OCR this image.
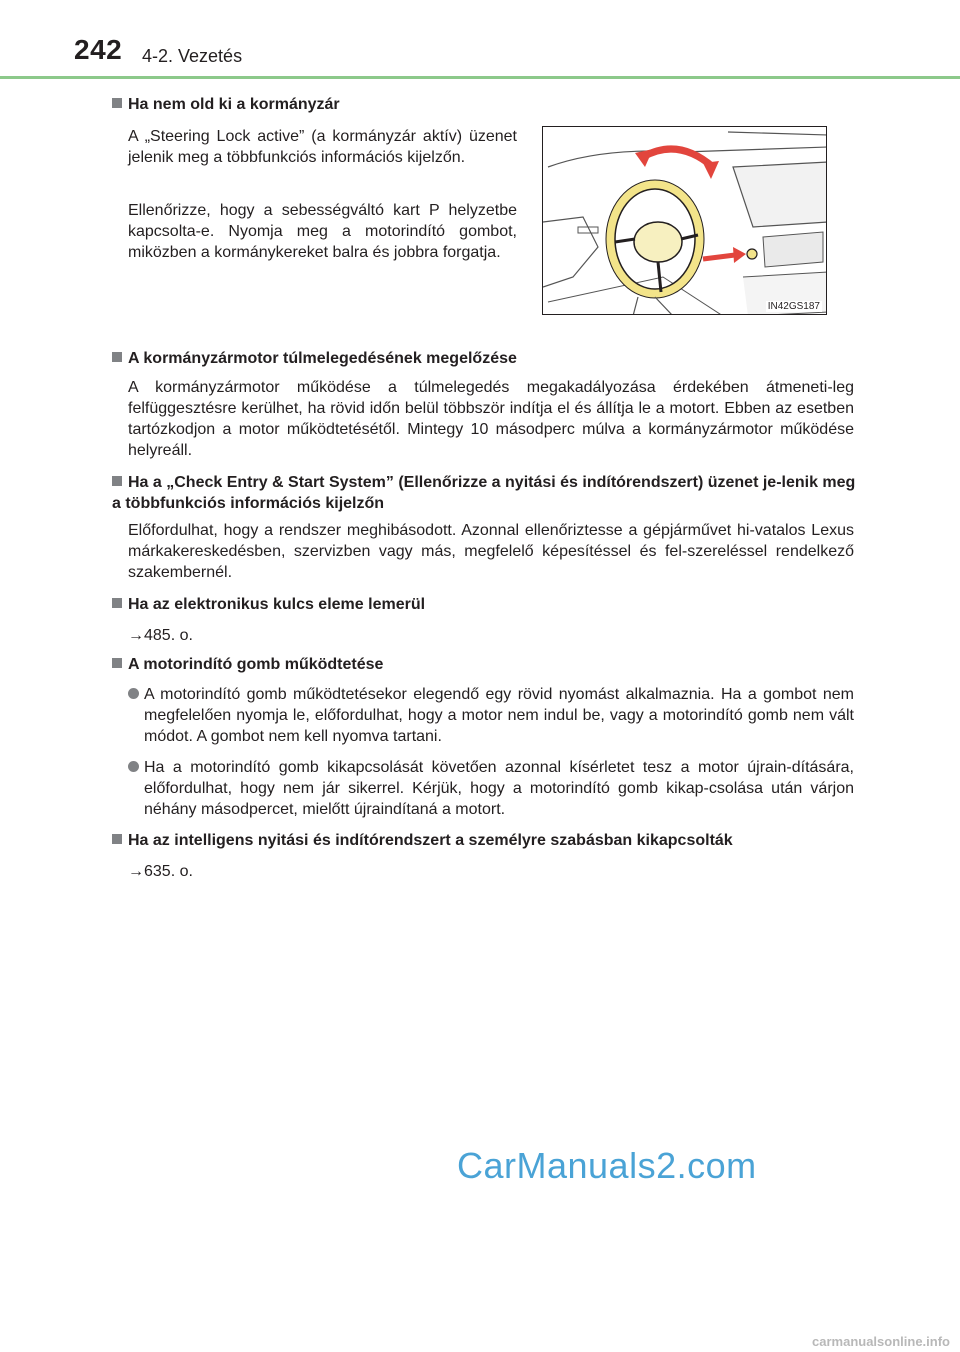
242 4-2. Vezetés
Ha nem old ki a kormányzár
A „Steering Lock active” (a kormányzár aktív) üzenet jelenik meg a többfunkciós információs kijelzőn.
Ellenőrizze, hogy a sebességváltó kart P helyzetbe kapcsolta-e. Nyomja meg a motorindító gombot, miközben a kormánykereket balra és jobbra forgatja.
IN42GS187
A kormányzármotor túlmelegedésének megelőzése
A kormányzármotor működése a túlmelegedés megakadályozása érdekében átmeneti-leg felfüggesztésre kerülhet, ha rövid időn belül többször indítja el és állítja le a motort. Ebben az esetben tartózkodjon a motor működtetésétől. Mintegy 10 másodperc múlva a kormányzármotor működése helyreáll.
Ha a „Check Entry & Start System” (Ellenőrizze a nyitási és indítórendszert) üzenet je-lenik meg a többfunkciós információs kijelzőn
Előfordulhat, hogy a rendszer meghibásodott. Azonnal ellenőriztesse a gépjárművet hi-vatalos Lexus márkakereskedésben, szervizben vagy más, megfelelő képesítéssel és fel-szereléssel rendelkező szakembernél.
Ha az elektronikus kulcs eleme lemerül
→485. o.
A motorindító gomb működtetése
A motorindító gomb működtetésekor elegendő egy rövid nyomást alkalmaznia. Ha a gombot nem megfelelően nyomja le, előfordulhat, hogy a motor nem indul be, vagy a motorindító gomb nem vált módot. A gombot nem kell nyomva tartani.
Ha a motorindító gomb kikapcsolását követően azonnal kísérletet tesz a motor újrain-dítására, előfordulhat, hogy nem jár sikerrel. Kérjük, hogy a motorindító gomb kikap-csolása után várjon néhány másodpercet, mielőtt újraindítaná a motort.
Ha az intelligens nyitási és indítórendszert a személyre szabásban kikapcsolták
→635. o.
CarManuals2.com
carmanualsonline.info
